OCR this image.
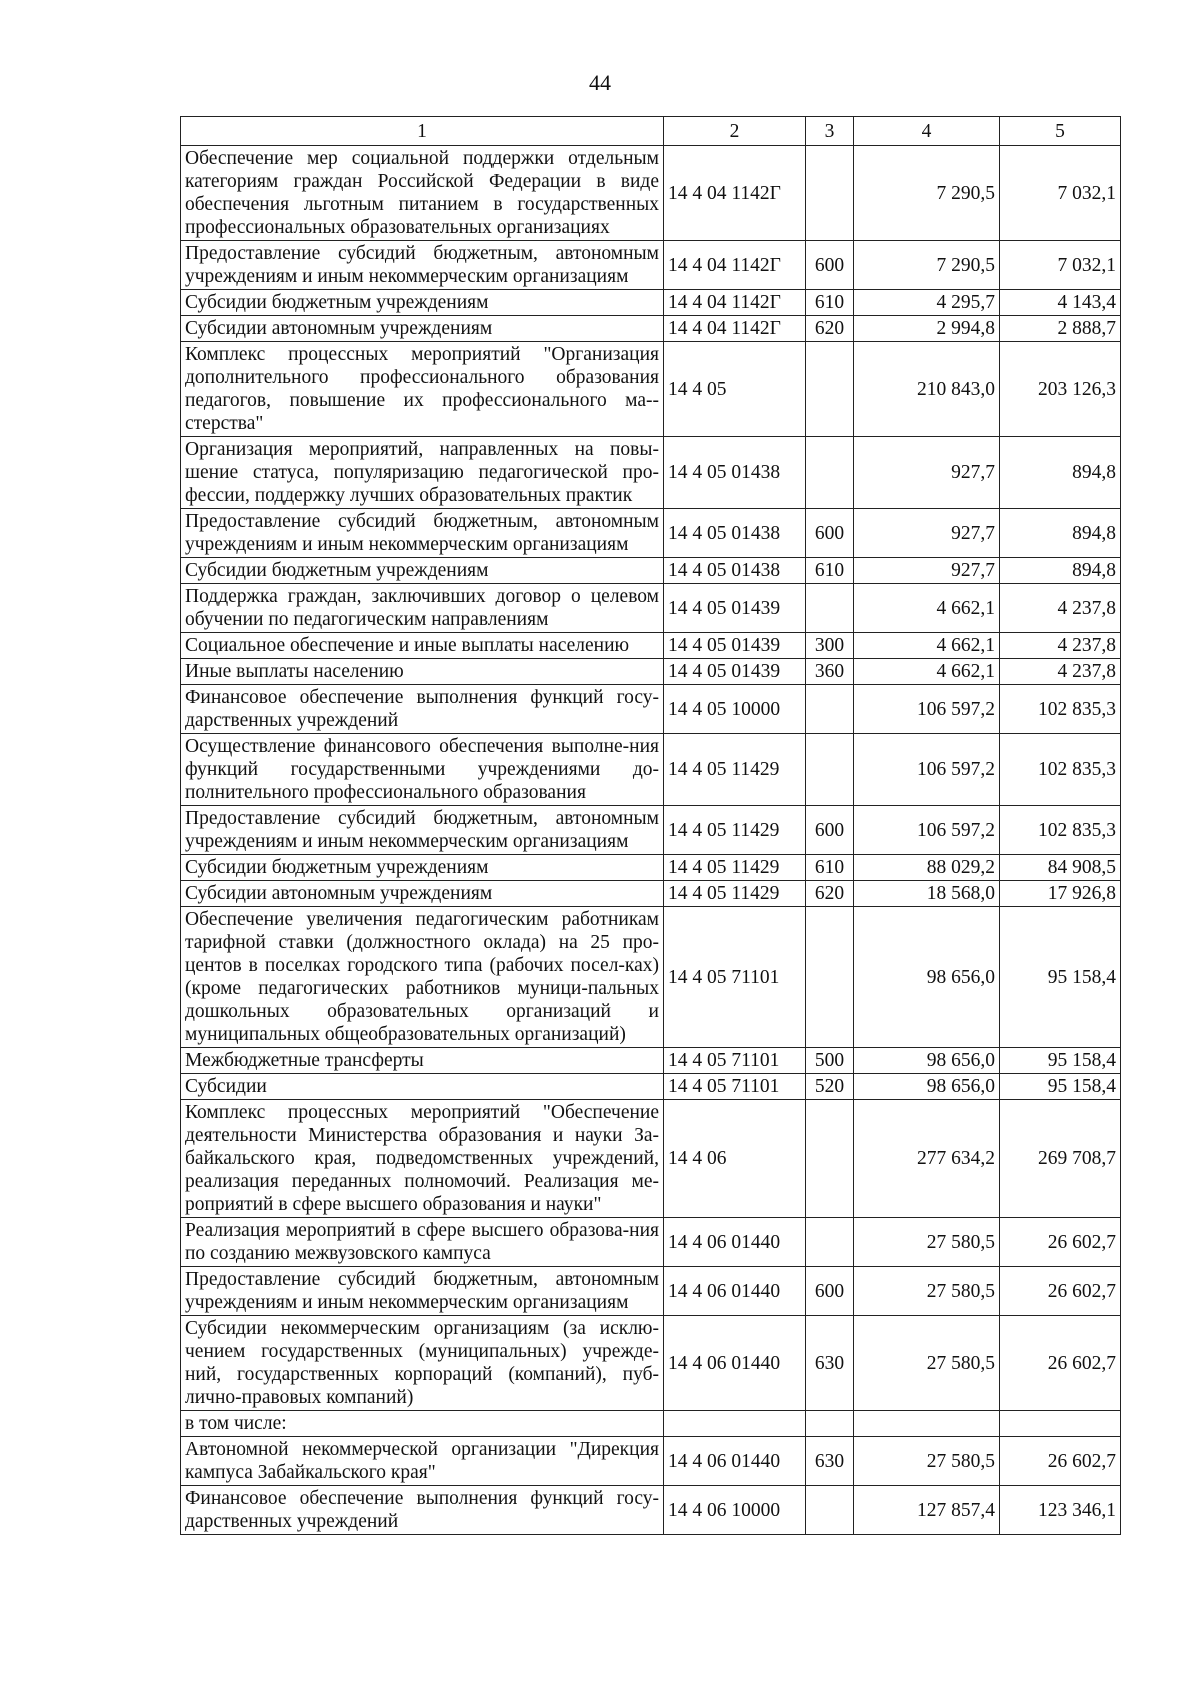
44
1	2	3	4	5
Обеспечение мер социальной поддержки отдельным категориям граждан Российской Федерации в виде обеспечения льготным питанием в государственных профессиональных образовательных организациях	14 4 04 1142Г		7 290,5	7 032,1
Предоставление субсидий бюджетным, автономным учреждениям и иным некоммерческим организациям	14 4 04 1142Г	600	7 290,5	7 032,1
Субсидии бюджетным учреждениям	14 4 04 1142Г	610	4 295,7	4 143,4
Субсидии автономным учреждениям	14 4 04 1142Г	620	2 994,8	2 888,7
Комплекс процессных мероприятий "Организация дополнительного профессионального образования педагогов, повышение их профессионального ма-стерства"	14 4 05		210 843,0	203 126,3
Организация мероприятий, направленных на повы-шение статуса, популяризацию педагогической про-фессии, поддержку лучших образовательных практик	14 4 05 01438		927,7	894,8
Предоставление субсидий бюджетным, автономным учреждениям и иным некоммерческим организациям	14 4 05 01438	600	927,7	894,8
Субсидии бюджетным учреждениям	14 4 05 01438	610	927,7	894,8
Поддержка граждан, заключивших договор о целевом обучении по педагогическим направлениям	14 4 05 01439		4 662,1	4 237,8
Социальное обеспечение и иные выплаты населению	14 4 05 01439	300	4 662,1	4 237,8
Иные выплаты населению	14 4 05 01439	360	4 662,1	4 237,8
Финансовое обеспечение выполнения функций госу-дарственных учреждений	14 4 05 10000		106 597,2	102 835,3
Осуществление финансового обеспечения выполне-ния функций государственными учреждениями до-полнительного профессионального образования	14 4 05 11429		106 597,2	102 835,3
Предоставление субсидий бюджетным, автономным учреждениям и иным некоммерческим организациям	14 4 05 11429	600	106 597,2	102 835,3
Субсидии бюджетным учреждениям	14 4 05 11429	610	88 029,2	84 908,5
Субсидии автономным учреждениям	14 4 05 11429	620	18 568,0	17 926,8
Обеспечение увеличения педагогическим работникам тарифной ставки (должностного оклада) на 25 про-центов в поселках городского типа (рабочих посел-ках) (кроме педагогических работников муници-пальных дошкольных образовательных организаций и муниципальных общеобразовательных организаций)	14 4 05 71101		98 656,0	95 158,4
Межбюджетные трансферты	14 4 05 71101	500	98 656,0	95 158,4
Субсидии	14 4 05 71101	520	98 656,0	95 158,4
Комплекс процессных мероприятий "Обеспечение деятельности Министерства образования и науки За-байкальского края, подведомственных учреждений, реализация переданных полномочий. Реализация ме-роприятий в сфере высшего образования и науки"	14 4 06		277 634,2	269 708,7
Реализация мероприятий в сфере высшего образова-ния по созданию межвузовского кампуса	14 4 06 01440		27 580,5	26 602,7
Предоставление субсидий бюджетным, автономным учреждениям и иным некоммерческим организациям	14 4 06 01440	600	27 580,5	26 602,7
Субсидии некоммерческим организациям (за исклю-чением государственных (муниципальных) учрежде-ний, государственных корпораций (компаний), пуб-лично-правовых компаний)	14 4 06 01440	630	27 580,5	26 602,7
в том числе:				
Автономной некоммерческой организации "Дирекция кампуса Забайкальского края"	14 4 06 01440	630	27 580,5	26 602,7
Финансовое обеспечение выполнения функций госу-дарственных учреждений	14 4 06 10000		127 857,4	123 346,1
